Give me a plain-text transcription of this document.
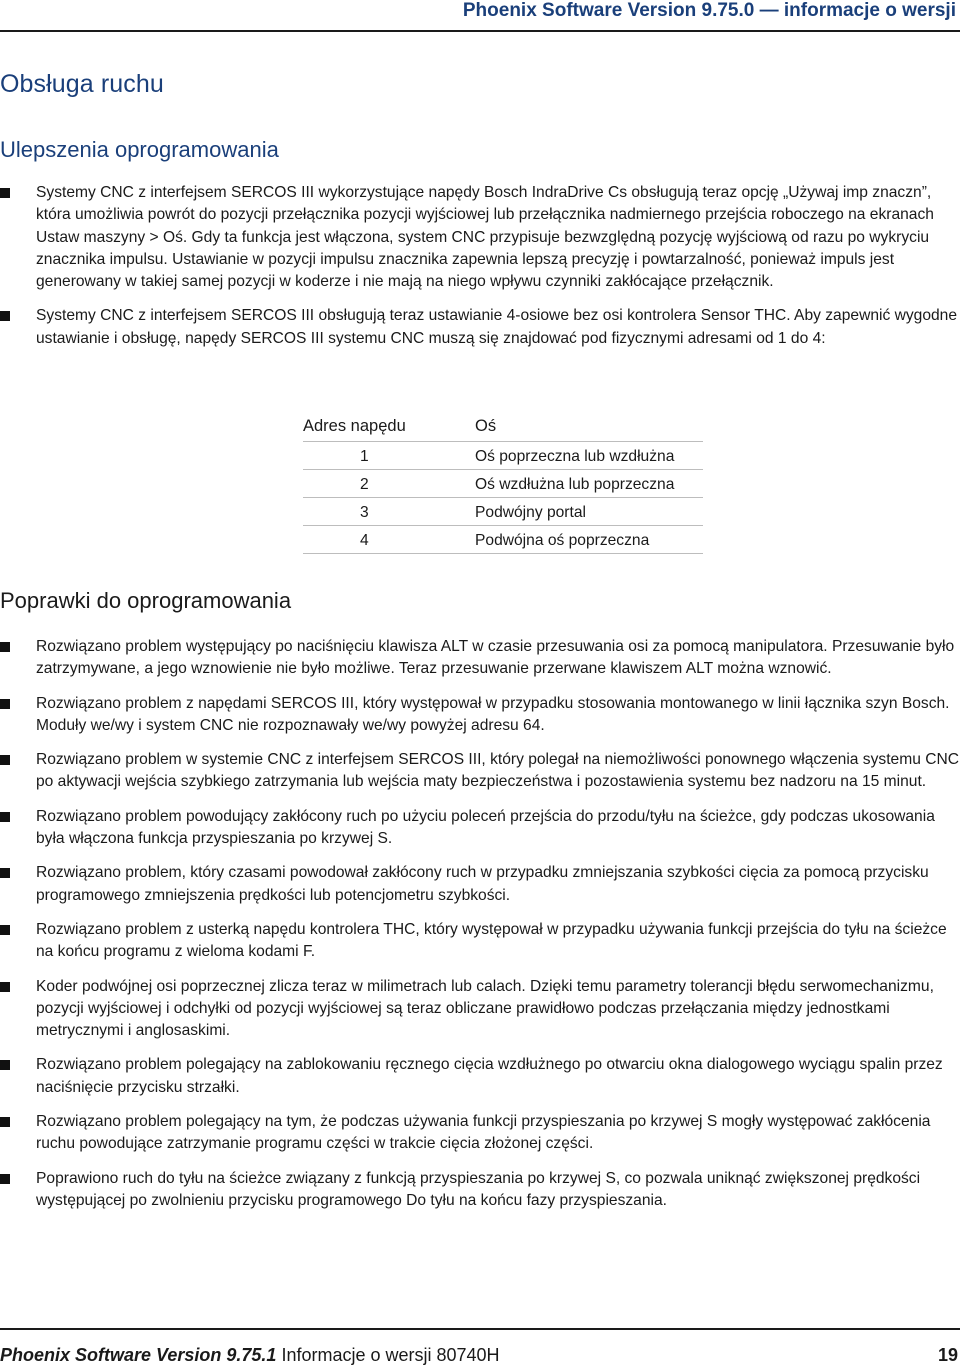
Phoenix Software Version 9.75.0 — informacje o wersji
Obsługa ruchu
Ulepszenia oprogramowania
Systemy CNC z interfejsem SERCOS III wykorzystujące napędy Bosch IndraDrive Cs obsługują teraz opcję „Używaj imp znaczn”, która umożliwia powrót do pozycji przełącznika pozycji wyjściowej lub przełącznika nadmiernego przejścia roboczego na ekranach Ustaw maszyny > Oś. Gdy ta funkcja jest włączona, system CNC przypisuje bezwzględną pozycję wyjściową od razu po wykryciu znacznika impulsu. Ustawianie w pozycji impulsu znacznika zapewnia lepszą precyzję i powtarzalność, ponieważ impuls jest generowany w takiej samej pozycji w koderze i nie mają na niego wpływu czynniki zakłócające przełącznik.
Systemy CNC z interfejsem SERCOS III obsługują teraz ustawianie 4-osiowe bez osi kontrolera Sensor THC. Aby zapewnić wygodne ustawianie i obsługę, napędy SERCOS III systemu CNC muszą się znajdować pod fizycznymi adresami od 1 do 4:
Adres napędu	Oś
1	Oś poprzeczna lub wzdłużna
2	Oś wzdłużna lub poprzeczna
3	Podwójny portal
4	Podwójna oś poprzeczna
Poprawki do oprogramowania
Rozwiązano problem występujący po naciśnięciu klawisza ALT w czasie przesuwania osi za pomocą manipulatora. Przesuwanie było zatrzymywane, a jego wznowienie nie było możliwe. Teraz przesuwanie przerwane klawiszem ALT można wznowić.
Rozwiązano problem z napędami SERCOS III, który występował w przypadku stosowania montowanego w linii łącznika szyn Bosch. Moduły we/wy i system CNC nie rozpoznawały we/wy powyżej adresu 64.
Rozwiązano problem w systemie CNC z interfejsem SERCOS III, który polegał na niemożliwości ponownego włączenia systemu CNC po aktywacji wejścia szybkiego zatrzymania lub wejścia maty bezpieczeństwa i pozostawienia systemu bez nadzoru na 15 minut.
Rozwiązano problem powodujący zakłócony ruch po użyciu poleceń przejścia do przodu/tyłu na ścieżce, gdy podczas ukosowania była włączona funkcja przyspieszania po krzywej S.
Rozwiązano problem, który czasami powodował zakłócony ruch w przypadku zmniejszania szybkości cięcia za pomocą przycisku programowego zmniejszenia prędkości lub potencjometru szybkości.
Rozwiązano problem z usterką napędu kontrolera THC, który występował w przypadku używania funkcji przejścia do tyłu na ścieżce na końcu programu z wieloma kodami F.
Koder podwójnej osi poprzecznej zlicza teraz w milimetrach lub calach. Dzięki temu parametry tolerancji błędu serwomechanizmu, pozycji wyjściowej i odchyłki od pozycji wyjściowej są teraz obliczane prawidłowo podczas przełączania między jednostkami metrycznymi i anglosaskimi.
Rozwiązano problem polegający na zablokowaniu ręcznego cięcia wzdłużnego po otwarciu okna dialogowego wyciągu spalin przez naciśnięcie przycisku strzałki.
Rozwiązano problem polegający na tym, że podczas używania funkcji przyspieszania po krzywej S mogły występować zakłócenia ruchu powodujące zatrzymanie programu części w trakcie cięcia złożonej części.
Poprawiono ruch do tyłu na ścieżce związany z funkcją przyspieszania po krzywej S, co pozwala uniknąć zwiększonej prędkości występującej po zwolnieniu przycisku programowego Do tyłu na końcu fazy przyspieszania.
Phoenix Software Version 9.75.1 Informacje o wersji 80740H	19
